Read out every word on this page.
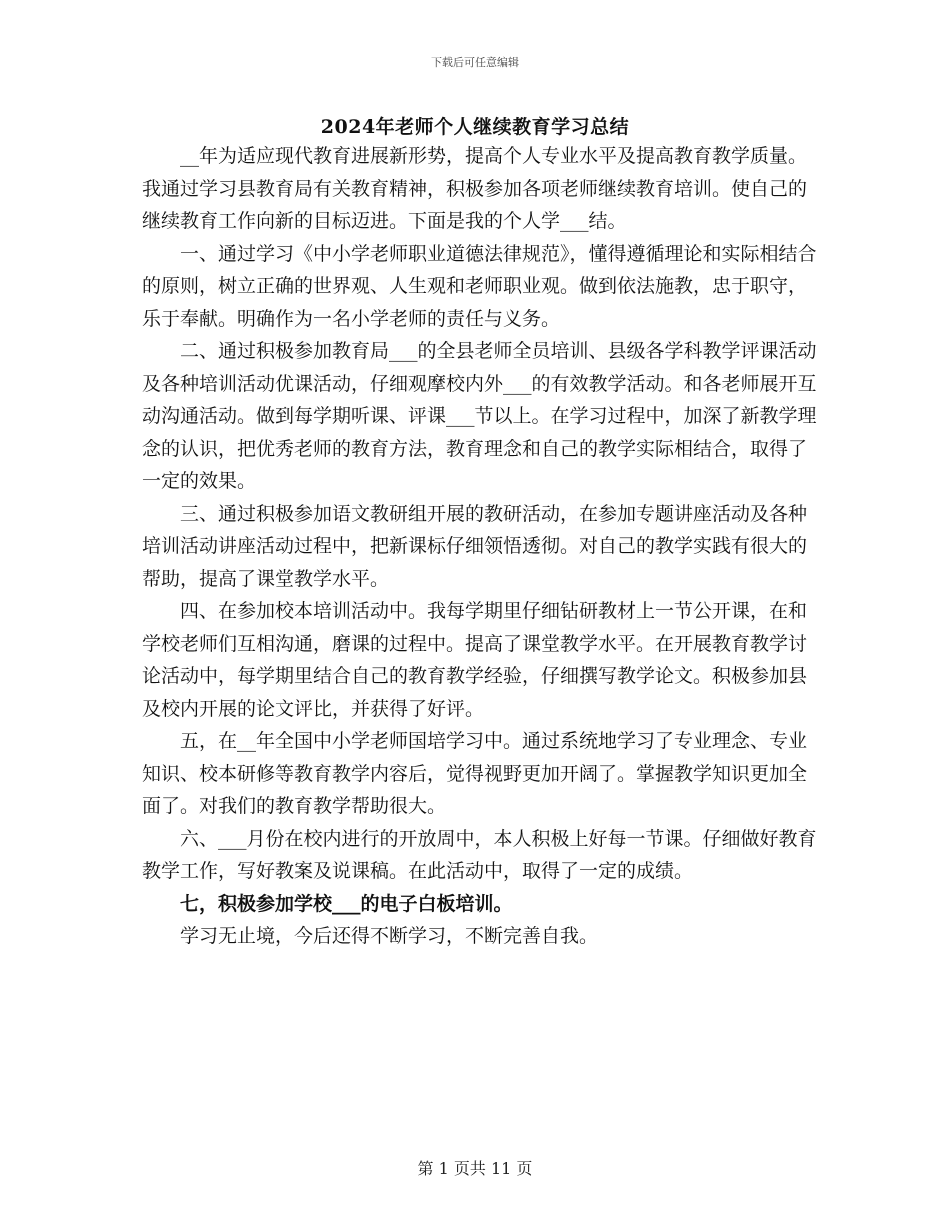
下载后可任意编辑
2024年老师个人继续教育学习总结

__年为适应现代教育进展新形势，提高个人专业水平及提高教育教学质量。我通过学习县教育局有关教育精神，积极参加各项老师继续教育培训。使自己的继续教育工作向新的目标迈进。下面是我的个人学___结。

一、通过学习《中小学老师职业道德法律规范》，懂得遵循理论和实际相结合的原则，树立正确的世界观、人生观和老师职业观。做到依法施教，忠于职守，乐于奉献。明确作为一名小学老师的责任与义务。

二、通过积极参加教育局___的全县老师全员培训、县级各学科教学评课活动及各种培训活动优课活动，仔细观摩校内外___的有效教学活动。和各老师展开互动沟通活动。做到每学期听课、评课___节以上。在学习过程中，加深了新教学理念的认识，把优秀老师的教育方法，教育理念和自己的教学实际相结合，取得了一定的效果。

三、通过积极参加语文教研组开展的教研活动，在参加专题讲座活动及各种培训活动讲座活动过程中，把新课标仔细领悟透彻。对自己的教学实践有很大的帮助，提高了课堂教学水平。

四、在参加校本培训活动中。我每学期里仔细钻研教材上一节公开课，在和学校老师们互相沟通，磨课的过程中。提高了课堂教学水平。在开展教育教学讨论活动中，每学期里结合自己的教育教学经验，仔细撰写教学论文。积极参加县及校内开展的论文评比，并获得了好评。

五，在__年全国中小学老师国培学习中。通过系统地学习了专业理念、专业知识、校本研修等教育教学内容后，觉得视野更加开阔了。掌握教学知识更加全面了。对我们的教育教学帮助很大。

六、___月份在校内进行的开放周中，本人积极上好每一节课。仔细做好教育教学工作，写好教案及说课稿。在此活动中，取得了一定的成绩。

七，积极参加学校___的电子白板培训。

学习无止境，今后还得不断学习，不断完善自我。

第 1 页共 11 页
